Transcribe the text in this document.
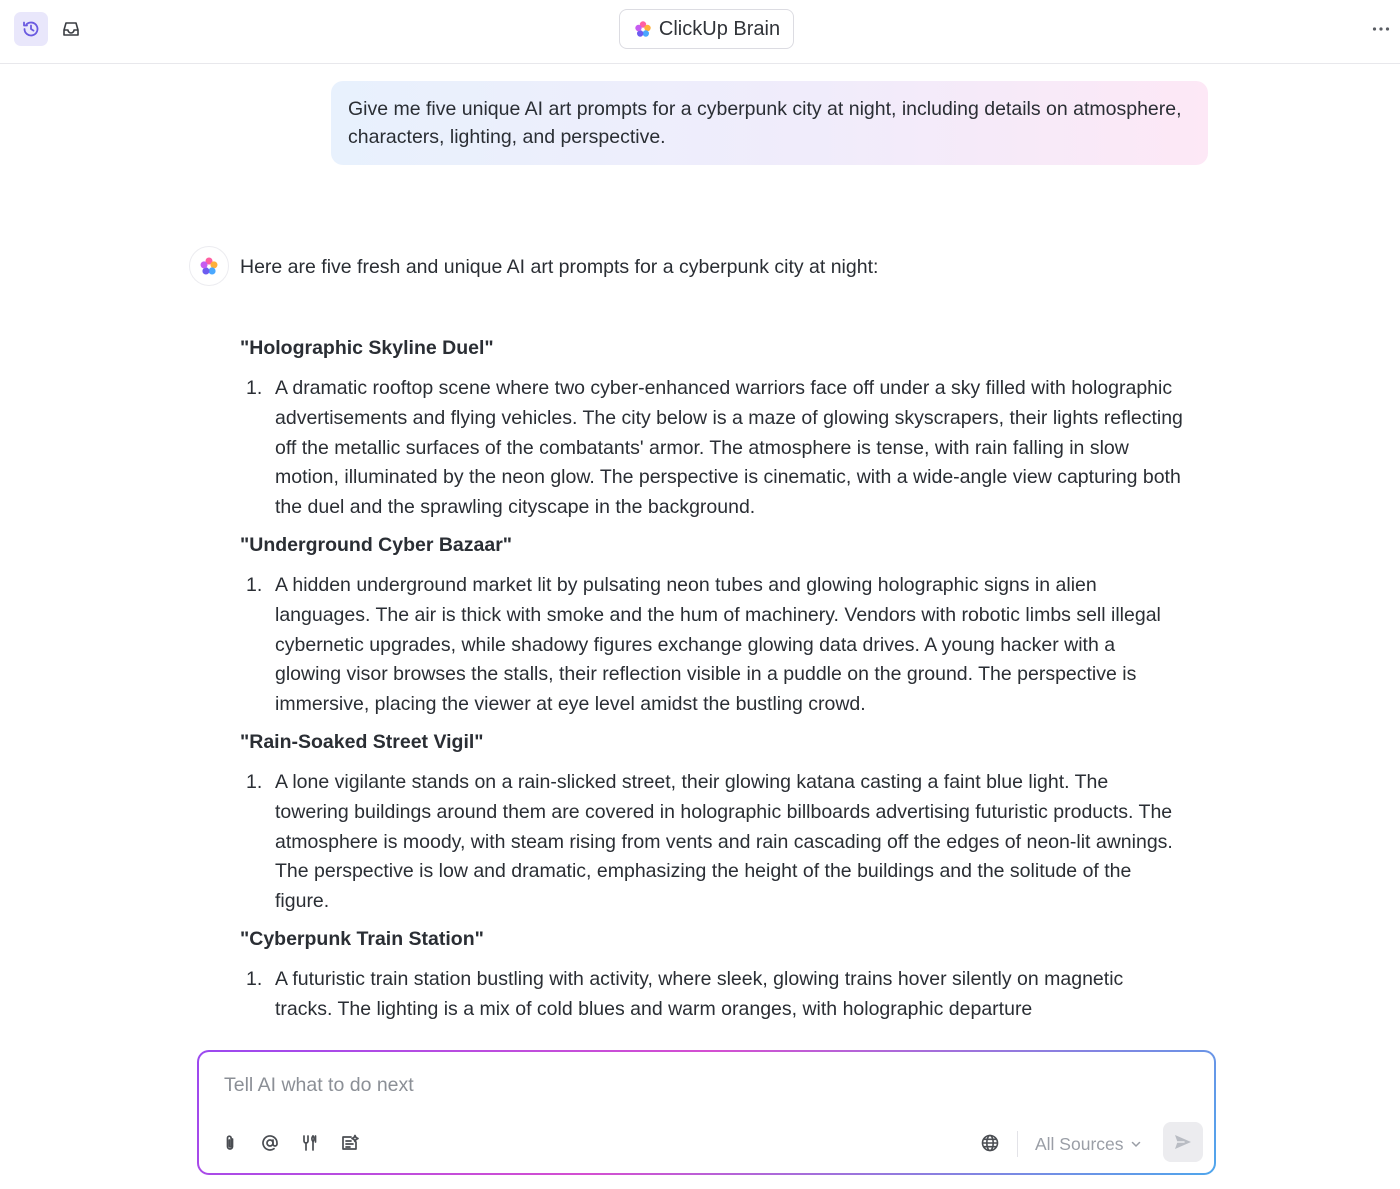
ClickUp Brain
Give me five unique AI art prompts for a cyberpunk city at night, including details on atmosphere, characters, lighting, and perspective.
Here are five fresh and unique AI art prompts for a cyberpunk city at night:
"Holographic Skyline Duel"
1. A dramatic rooftop scene where two cyber-enhanced warriors face off under a sky filled with holographic advertisements and flying vehicles. The city below is a maze of glowing skyscrapers, their lights reflecting off the metallic surfaces of the combatants' armor. The atmosphere is tense, with rain falling in slow motion, illuminated by the neon glow. The perspective is cinematic, with a wide-angle view capturing both the duel and the sprawling cityscape in the background.
"Underground Cyber Bazaar"
1. A hidden underground market lit by pulsating neon tubes and glowing holographic signs in alien languages. The air is thick with smoke and the hum of machinery. Vendors with robotic limbs sell illegal cybernetic upgrades, while shadowy figures exchange glowing data drives. A young hacker with a glowing visor browses the stalls, their reflection visible in a puddle on the ground. The perspective is immersive, placing the viewer at eye level amidst the bustling crowd.
"Rain-Soaked Street Vigil"
1. A lone vigilante stands on a rain-slicked street, their glowing katana casting a faint blue light. The towering buildings around them are covered in holographic billboards advertising futuristic products. The atmosphere is moody, with steam rising from vents and rain cascading off the edges of neon-lit awnings. The perspective is low and dramatic, emphasizing the height of the buildings and the solitude of the figure.
"Cyberpunk Train Station"
1. A futuristic train station bustling with activity, where sleek, glowing trains hover silently on magnetic tracks. The lighting is a mix of cold blues and warm oranges, with holographic departure
Tell AI what to do next
All Sources
